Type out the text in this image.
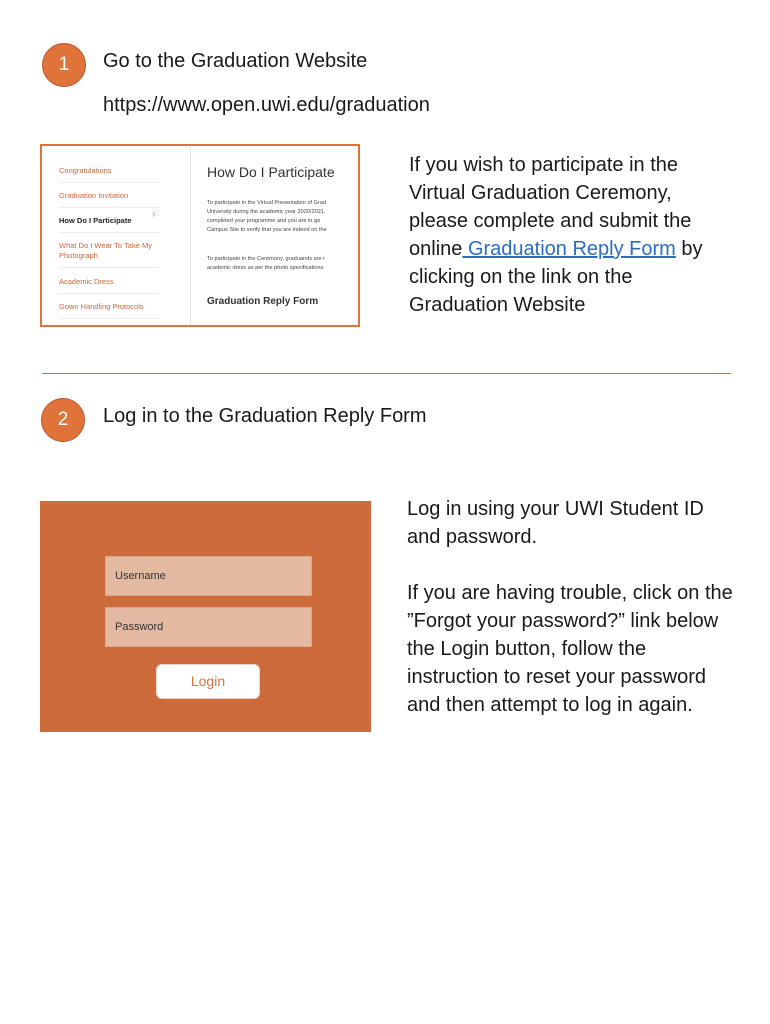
1	Go to the Graduation Website
https://www.open.uwi.edu/graduation
Congratulations
Graduation Invitation
How Do I Participate
›
What Do I Wear To Take My Photograph
Academic Dress
Gown Handling Protocols
How Do I Participate
To participate in the Virtual Presentation of Grad
University during the academic year 2020/2021,
completed your programme and you are in go
Campus Site to verify that you are indeed on the
To participate in the Ceremony, graduands are r
academic dress as per the photo specifications.
Graduation Reply Form
If you wish to participate in the Virtual Graduation Ceremony, please complete and submit the online Graduation Reply Form by clicking on the link on the Graduation Website
2	Log in to the Graduation Reply Form
Username
Password
Login
Log in using your UWI Student ID and password.
If you are having trouble, click on the ”Forgot your password?” link below the Login button, follow the instruction to reset your password and then attempt to log in again.
